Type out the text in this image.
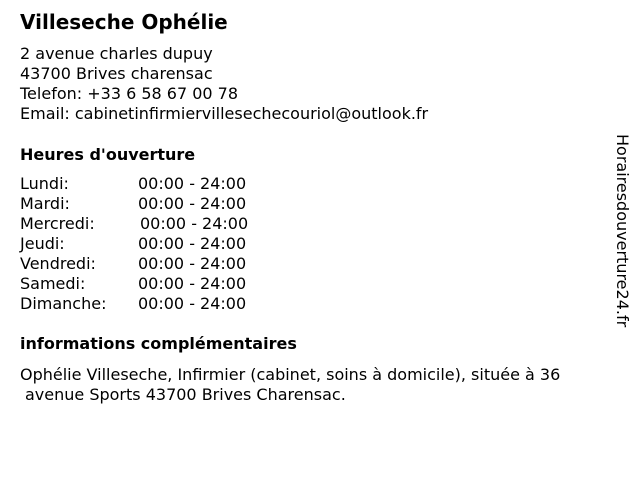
Villeseche Ophélie
2 avenue charles dupuy
43700 Brives charensac
Telefon: +33 6 58 67 00 78
Email: cabinetinfirmiervillesechecouriol@outlook.fr
Heures d'ouverture
Lundi:	00:00 - 24:00
Mardi:	00:00 - 24:00
Mercredi:	00:00 - 24:00
Jeudi:	00:00 - 24:00
Vendredi:	00:00 - 24:00
Samedi:	00:00 - 24:00
Dimanche: 00:00 - 24:00
informations complémentaires
Ophélie Villeseche, Infirmier (cabinet, soins à domicile), située à 36
avenue Sports 43700 Brives Charensac.
Horairesdouverture24.fr
